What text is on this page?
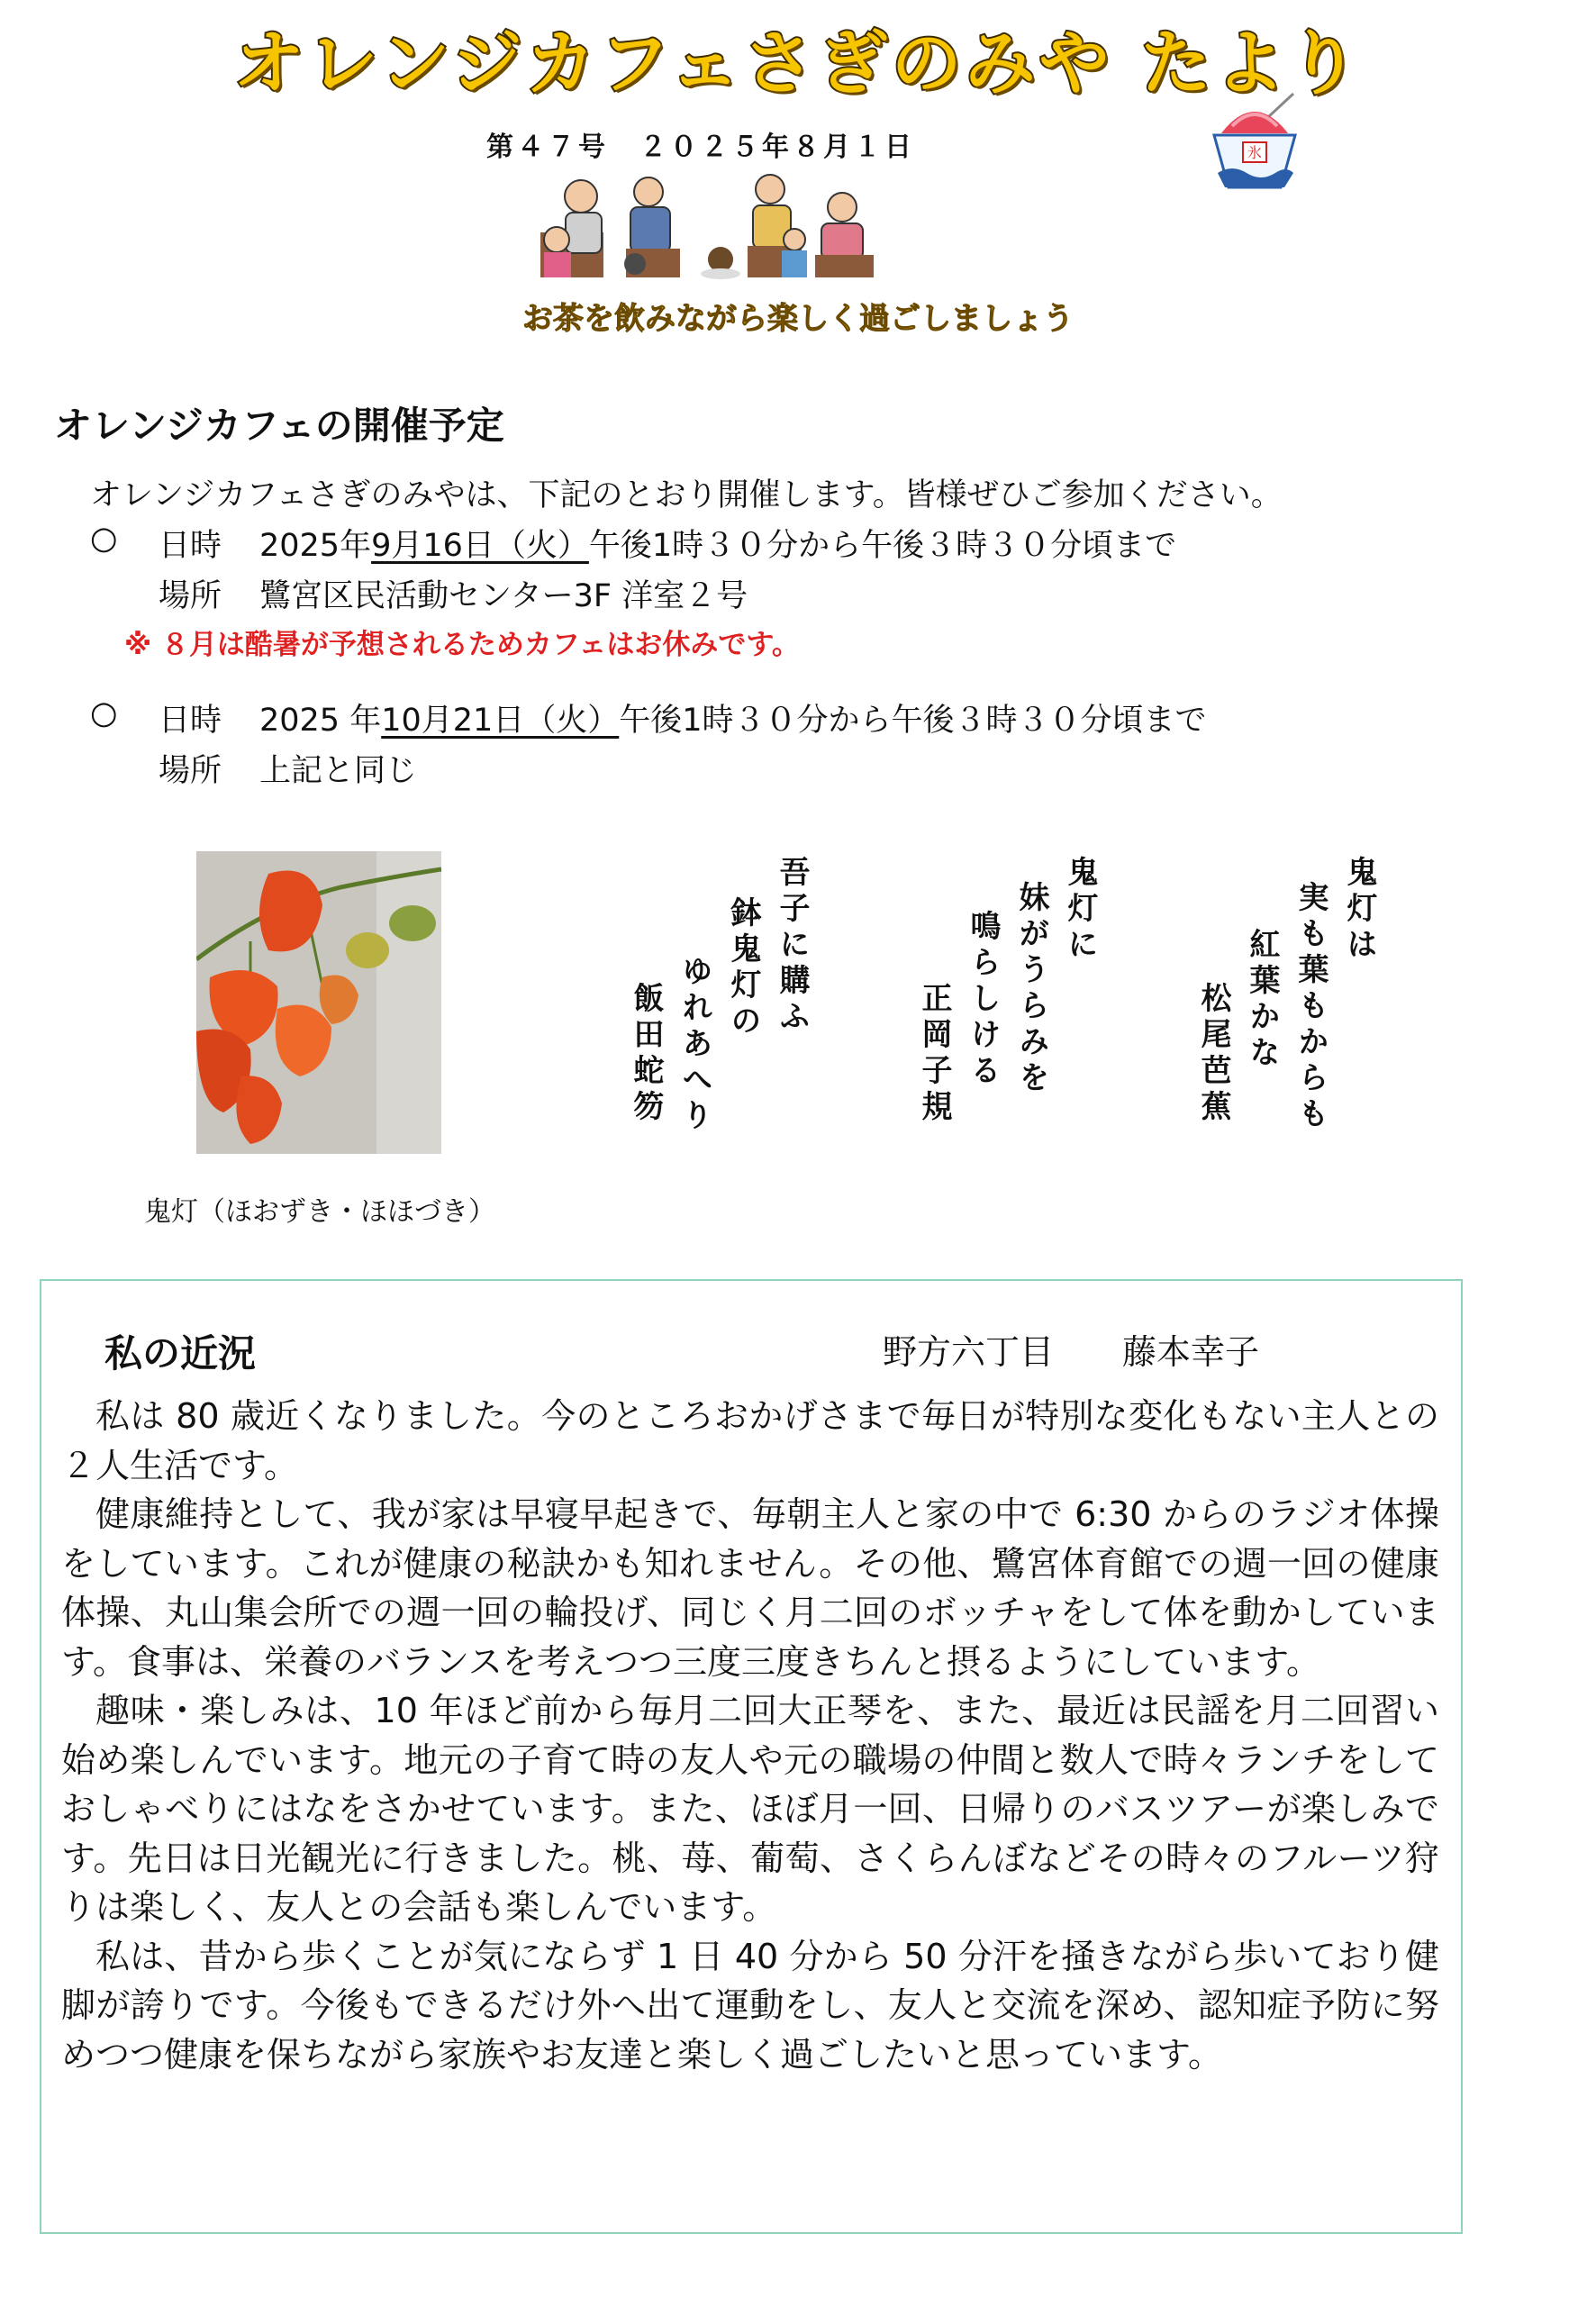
オレンジカフェさぎのみや たより
第４７号　２０２５年８月１日	氷
お茶を飲みながら楽しく過ごしましょう
オレンジカフェの開催予定
オレンジカフェさぎのみやは、下記のとおり開催します。皆様ぜひご参加ください。
○ 日時 2025年9月16日（火）午後1時３０分から午後３時３０分頃まで
場所 鷺宮区民活動センター3F 洋室２号
※ ８月は酷暑が予想されるためカフェはお休みです。
○ 日時 2025 年10月21日（火）午後1時３０分から午後３時３０分頃まで
場所 上記と同じ
鬼灯（ほおずき・ほほづき）
鬼灯は
実も葉もからも
紅葉かな
松尾芭蕉
鬼灯に
妹がうらみを
鳴らしける
正岡子規
吾子に購ふ
鉢鬼灯の
ゆれあへり
飯田蛇笏
私の近況	野方六丁目　　藤本幸子

私は 80 歳近くなりました。今のところおかげさまで毎日が特別な変化もない主人との２人生活です。

健康維持として、我が家は早寝早起きで、毎朝主人と家の中で 6:30 からのラジオ体操をしています。これが健康の秘訣かも知れません。その他、鷺宮体育館での週一回の健康体操、丸山集会所での週一回の輪投げ、同じく月二回のボッチャをして体を動かしています。食事は、栄養のバランスを考えつつ三度三度きちんと摂るようにしています。

趣味・楽しみは、10 年ほど前から毎月二回大正琴を、また、最近は民謡を月二回習い始め楽しんでいます。地元の子育て時の友人や元の職場の仲間と数人で時々ランチをしておしゃべりにはなをさかせています。また、ほぼ月一回、日帰りのバスツアーが楽しみです。先日は日光観光に行きました。桃、苺、葡萄、さくらんぼなどその時々のフルーツ狩りは楽しく、友人との会話も楽しんでいます。

私は、昔から歩くことが気にならず 1 日 40 分から 50 分汗を掻きながら歩いており健脚が誇りです。今後もできるだけ外へ出て運動をし、友人と交流を深め、認知症予防に努めつつ健康を保ちながら家族やお友達と楽しく過ごしたいと思っています。
